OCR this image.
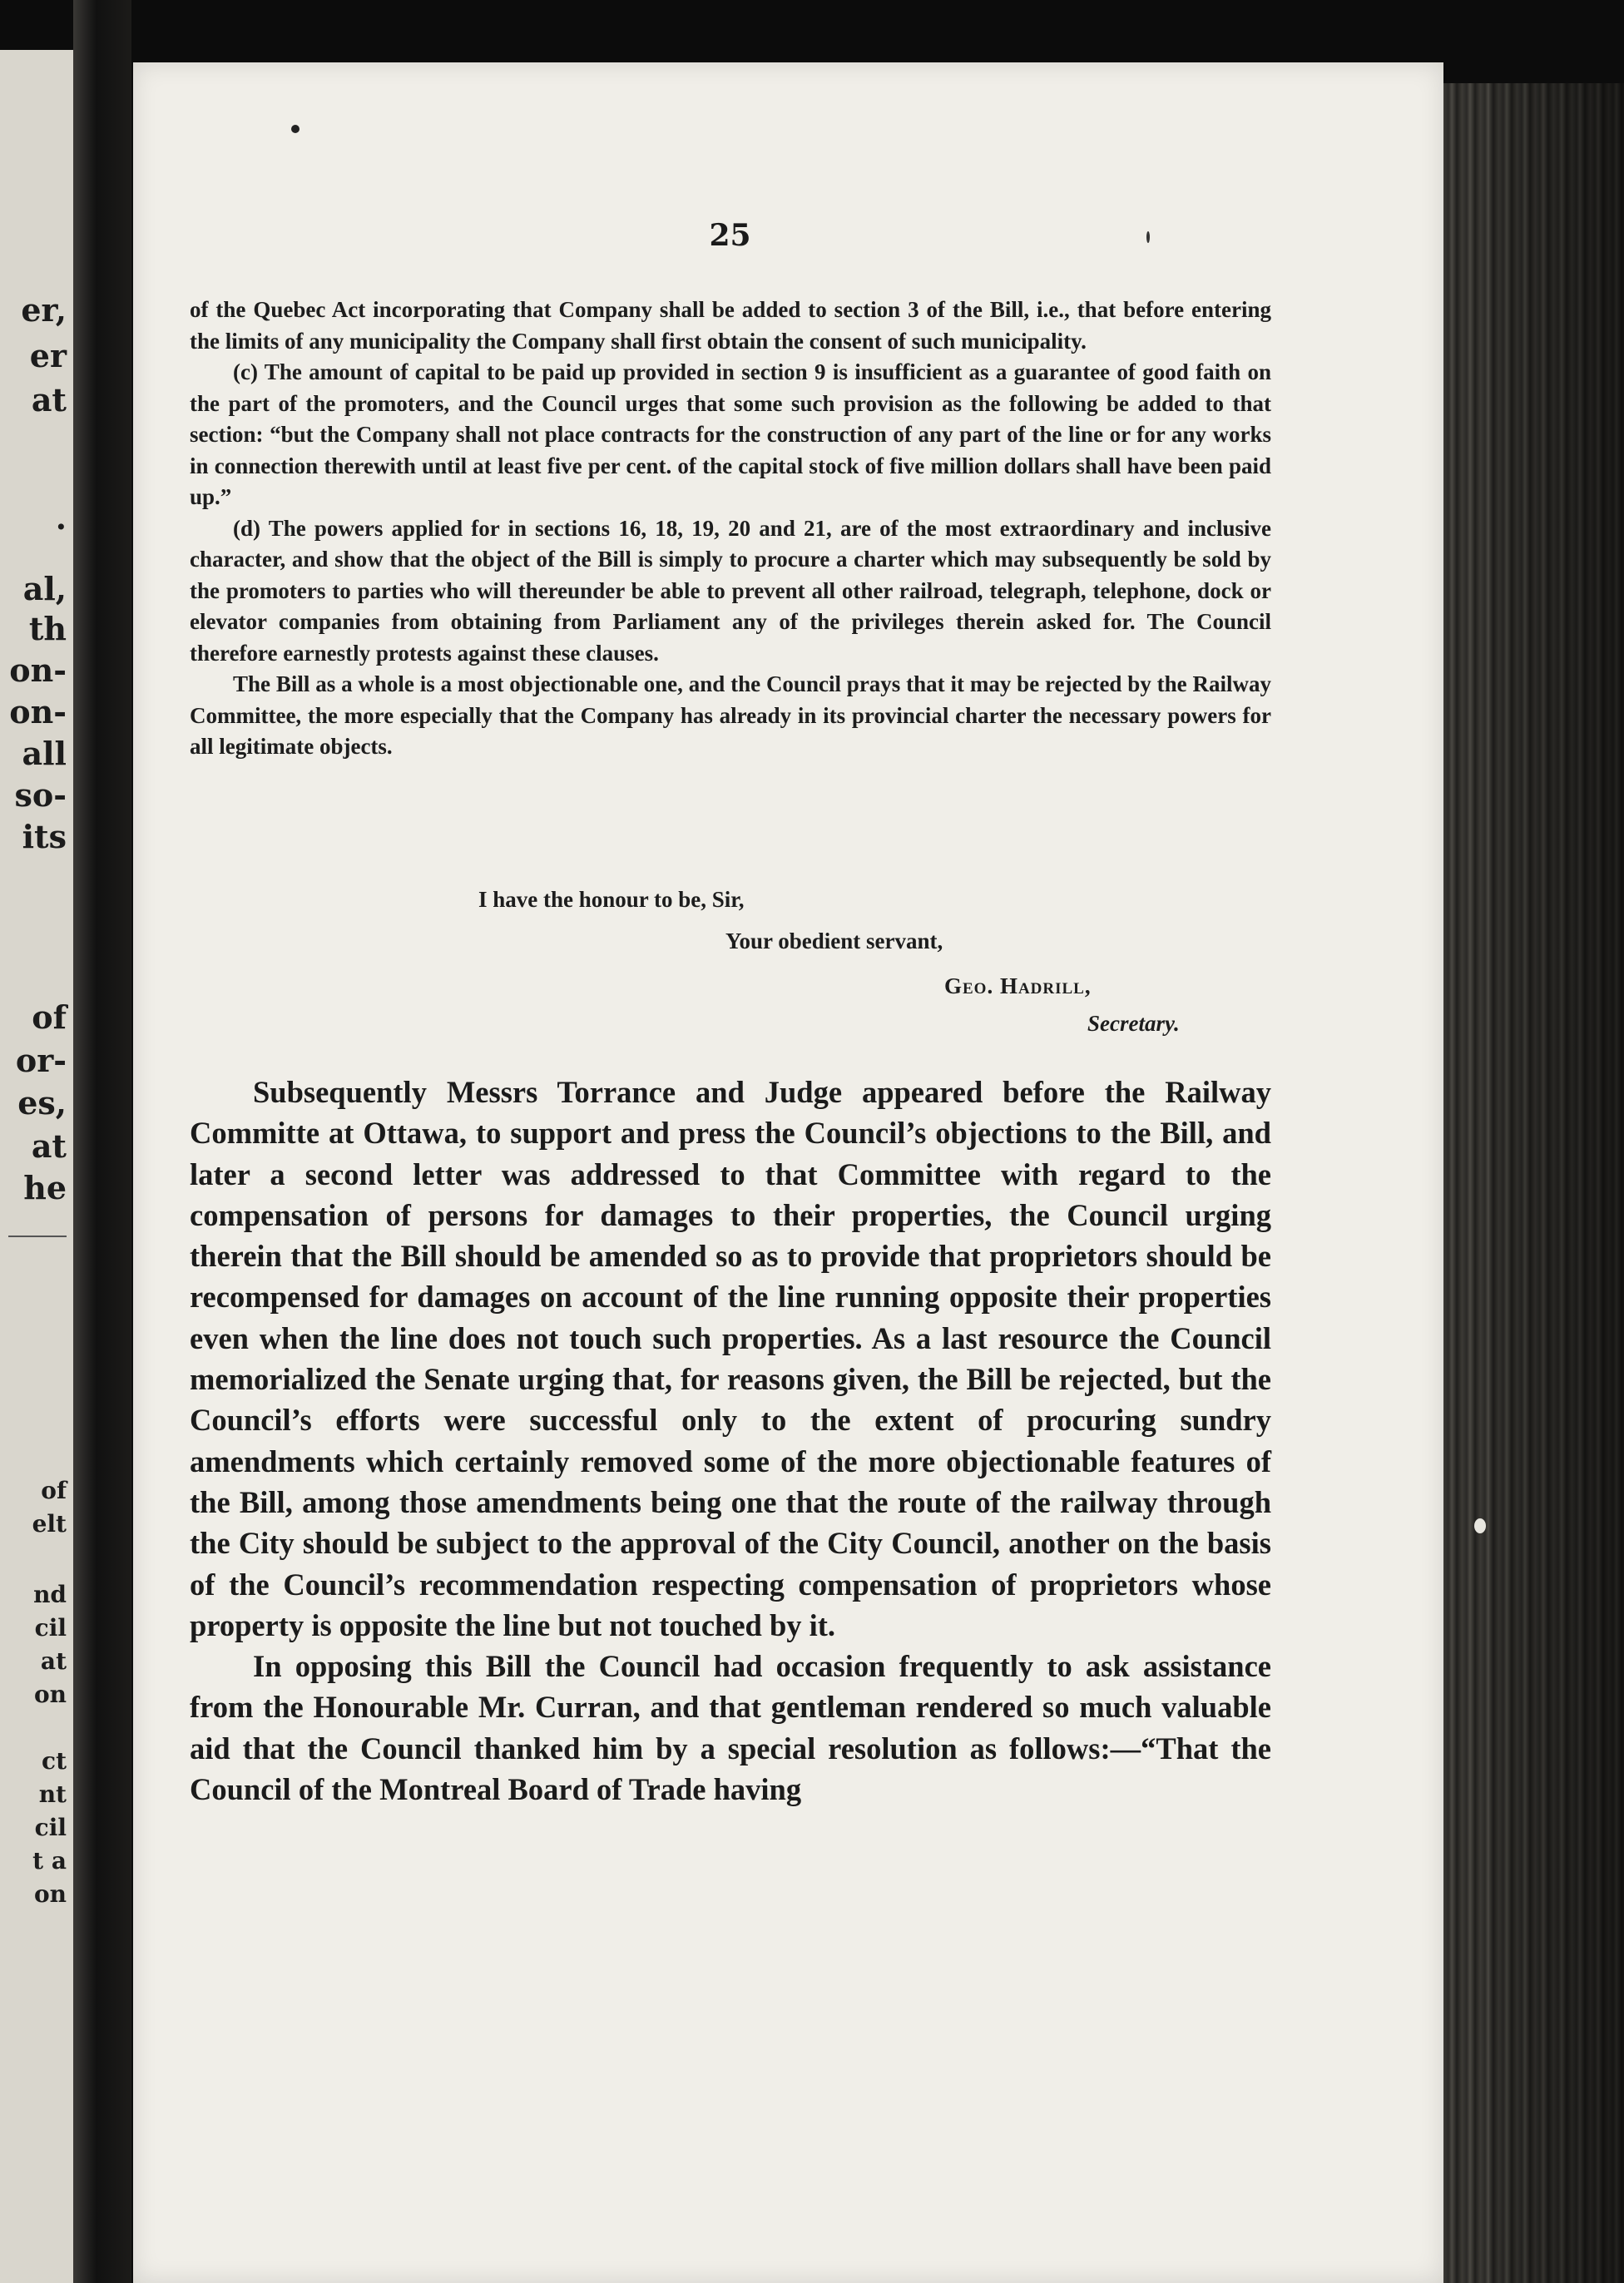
er,
er
at
.
al,
th
on-
on-
all
so-
its
of
or-
es,
at
he
of
elt
nd
cil
at
on
ct
nt
cil
t a
on
25

of the Quebec Act incorporating that Company shall be added to section 3 of the Bill, i.e., that before entering the limits of any municipality the Company shall first obtain the consent of such municipality.

(c) The amount of capital to be paid up provided in section 9 is insufficient as a guarantee of good faith on the part of the promoters, and the Council urges that some such provision as the following be added to that section: “but the Company shall not place contracts for the construction of any part of the line or for any works in connection therewith until at least five per cent. of the capital stock of five million dollars shall have been paid up.”

(d) The powers applied for in sections 16, 18, 19, 20 and 21, are of the most extraordinary and inclusive character, and show that the object of the Bill is simply to procure a charter which may subsequently be sold by the promoters to parties who will thereunder be able to prevent all other railroad, telegraph, telephone, dock or elevator companies from obtaining from Parliament any of the privileges therein asked for. The Council therefore earnestly protests against these clauses.

The Bill as a whole is a most objectionable one, and the Council prays that it may be rejected by the Railway Committee, the more especially that the Company has already in its provincial charter the necessary powers for all legitimate objects.

I have the honour to be, Sir,
Your obedient servant,
Geo. Hadrill,
Secretary.

Subsequently Messrs Torrance and Judge appeared before the Railway Committe at Ottawa, to support and press the Council’s objections to the Bill, and later a second letter was addressed to that Committee with regard to the compensation of persons for damages to their properties, the Council urging therein that the Bill should be amended so as to provide that proprietors should be recompensed for damages on account of the line running opposite their properties even when the line does not touch such properties. As a last resource the Council memorialized the Senate urging that, for reasons given, the Bill be rejected, but the Council’s efforts were successful only to the extent of procuring sundry amendments which certainly removed some of the more objectionable features of the Bill, among those amendments being one that the route of the railway through the City should be subject to the approval of the City Council, another on the basis of the Council’s recommendation respecting compensation of proprietors whose property is opposite the line but not touched by it.

In opposing this Bill the Council had occasion frequently to ask assistance from the Honourable Mr. Curran, and that gentleman rendered so much valuable aid that the Council thanked him by a special resolution as follows:—“That the Council of the Montreal Board of Trade having
